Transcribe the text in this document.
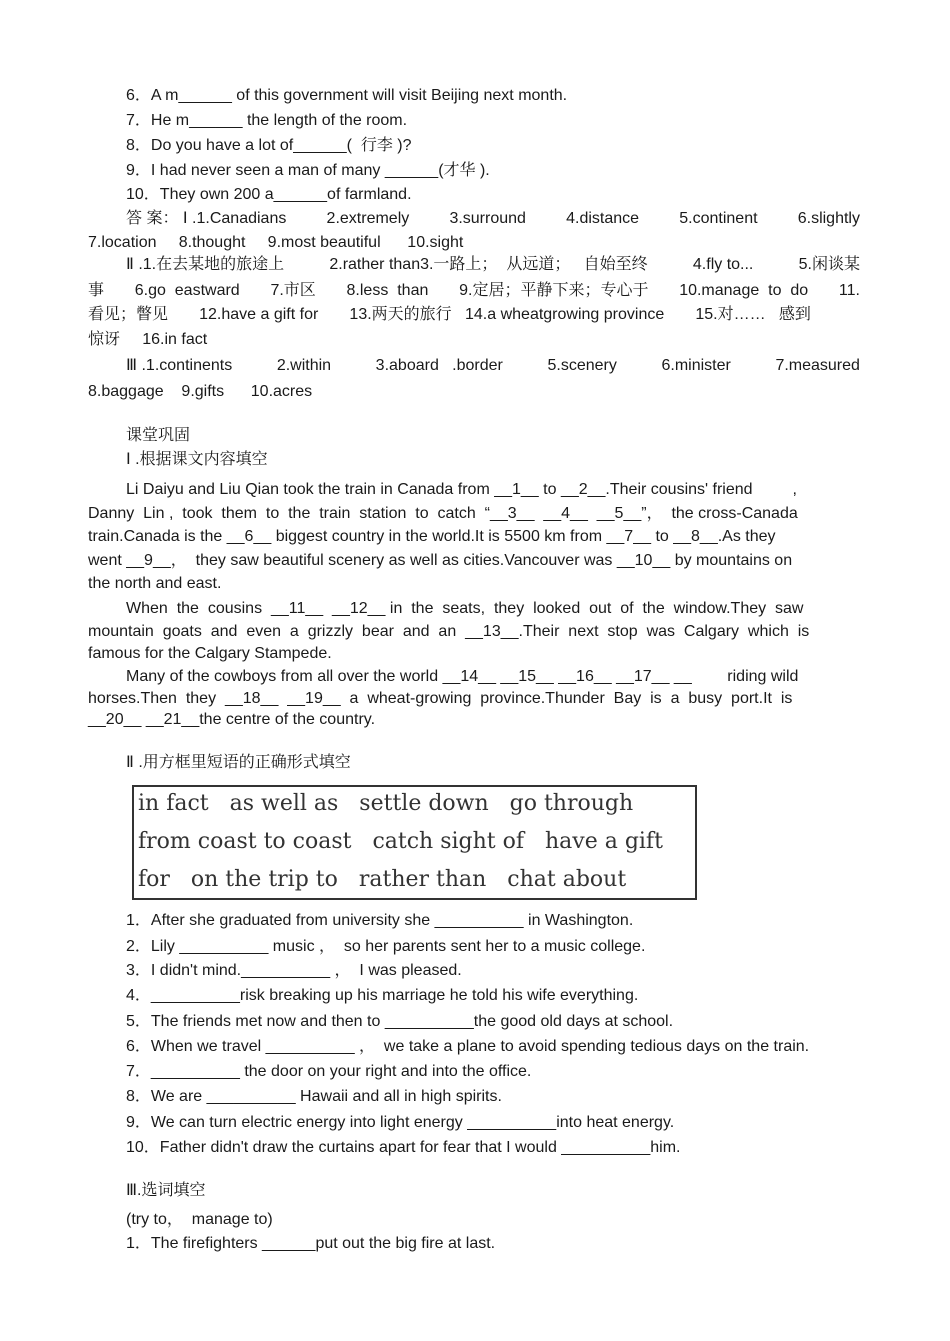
6．A m______ of this government will visit Beijing next month.
7．He m______ the length of the room.
8．Do you have a lot of______(  行李 )?
9．I had never seen a man of many ______(才华 ).
10．They own 200 a______of farmland.
答 案： Ⅰ .1.Canadians	2.extremely	3.surround	4.distance	5.continent	6.slightly
7.location     8.thought     9.most beautiful      10.sight
Ⅱ .1.在去某地的旅途上	2.rather than3.一路上；  从远道；   自始至终	4.fly to...	5.闲谈某
事 6.go  eastward 7.市区 8.less  than 9.定居；平静下来；专心于 10.manage  to  do 11.
看见；瞥见       12.have a gift for       13.两天的旅行   14.a wheatgrowing province       15.对……   感到
惊讶     16.in fact
Ⅲ .1.continents	2.within	3.aboard   .border	5.scenery	6.minister	7.measured
8.baggage    9.gifts      10.acres
课堂巩固
Ⅰ .根据课文内容填空
Li Daiyu and Liu Qian took the train in Canada from __1__ to __2__.Their cousins' friend         ,
Danny  Lin ,  took  them  to  the  train  station  to  catch  “__3__  __4__  __5__”，  the cross-Canada
train.Canada is the __6__ biggest country in the world.It is 5500 km from __7__ to __8__.As they
went __9__，  they saw beautiful scenery as well as cities.Vancouver was __10__ by mountains on
the north and east.
When  the  cousins  __11__  __12__ in  the  seats,  they  looked  out  of  the  window.They  saw
mountain  goats  and  even  a  grizzly  bear  and  an  __13__.Their  next  stop  was  Calgary  which  is
famous for the Calgary Stampede.
Many of the cowboys from all over the world __14__ __15__ __16__ __17__ __        riding wild
horses.Then  they  __18__  __19__  a  wheat-growing  province.Thunder  Bay  is  a  busy  port.It  is
__20__ __21__the centre of the country.
Ⅱ .用方框里短语的正确形式填空
in fact   as well as   settle down   go through
from coast to coast   catch sight of   have a gift
for   on the trip to   rather than   chat about
1．After she graduated from university she __________ in Washington.
2．Lily __________ music ，  so her parents sent her to a music college.
3．I didn't mind.__________ ，  I was pleased.
4．__________risk breaking up his marriage he told his wife everything.
5．The friends met now and then to __________the good old days at school.
6．When we travel __________ ，  we take a plane to avoid spending tedious days on the train.
7．__________ the door on your right and into the office.
8．We are __________ Hawaii and all in high spirits.
9．We can turn electric energy into light energy __________into heat energy.
10．Father didn't draw the curtains apart for fear that I would __________him.
Ⅲ.选词填空
(try to，  manage to)
1．The firefighters ______put out the big fire at last.
